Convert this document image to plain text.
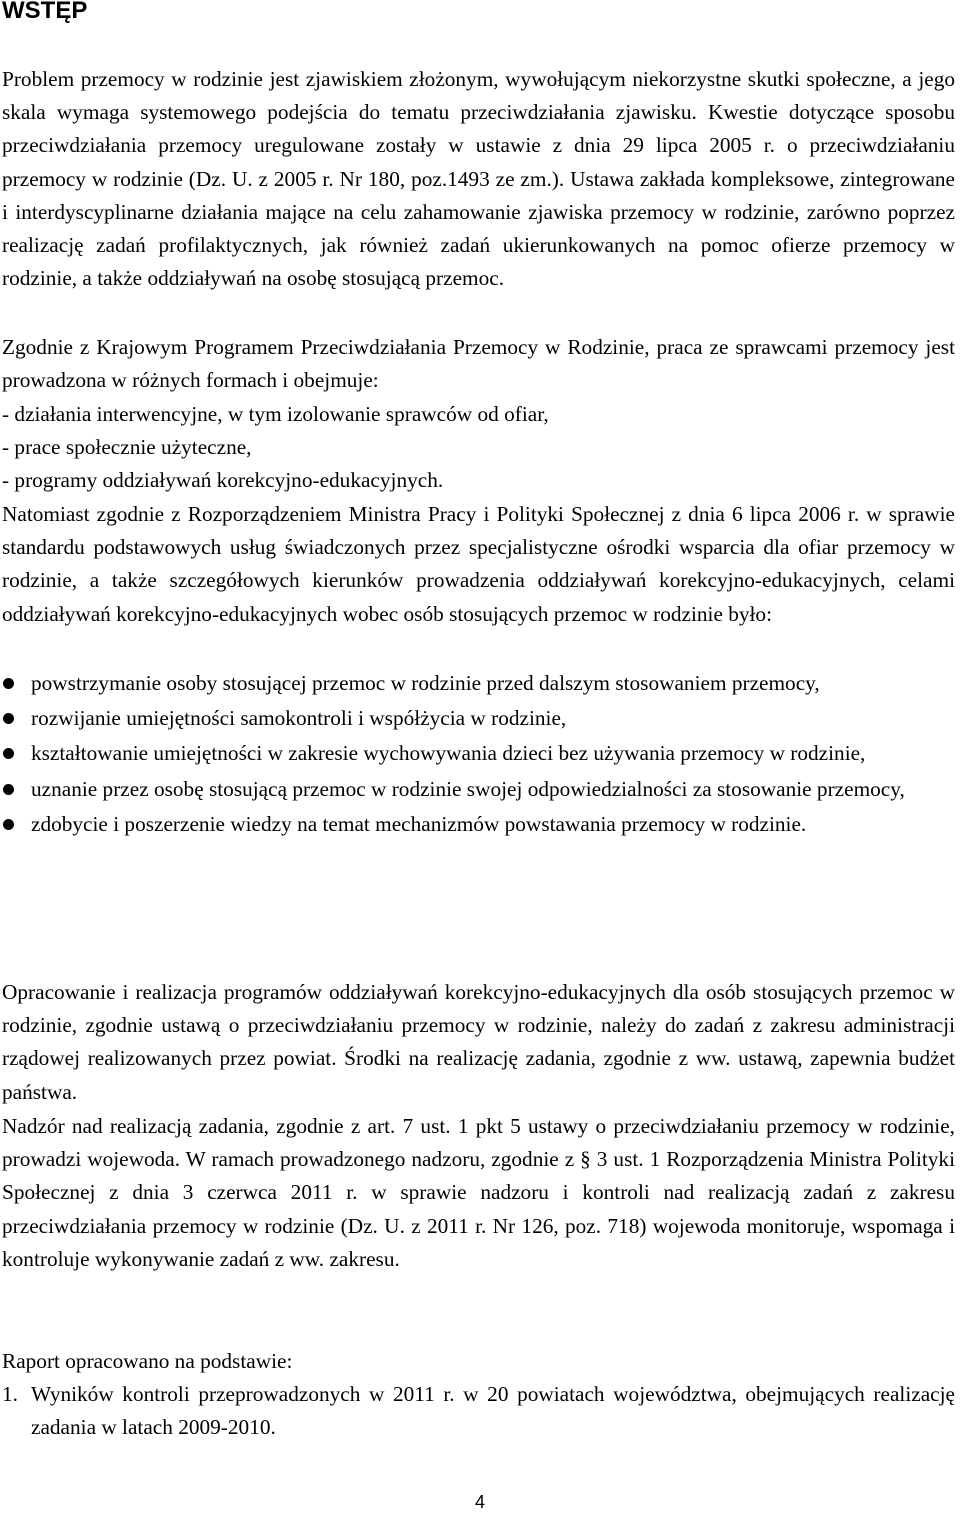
WSTĘP

Problem przemocy w rodzinie jest zjawiskiem złożonym, wywołującym niekorzystne skutki społeczne, a jego skala wymaga systemowego podejścia do tematu przeciwdziałania zjawisku. Kwestie dotyczące sposobu przeciwdziałania przemocy uregulowane zostały w ustawie z dnia 29 lipca 2005 r. o przeciwdziałaniu przemocy w rodzinie (Dz. U. z 2005 r. Nr 180, poz.1493 ze zm.). Ustawa zakłada kompleksowe, zintegrowane i interdyscyplinarne działania mające na celu zahamowanie zjawiska przemocy w rodzinie, zarówno poprzez realizację zadań profilaktycznych, jak również zadań ukierunkowanych na pomoc ofierze przemocy w rodzinie, a także oddziaływań na osobę stosującą przemoc.

Zgodnie z Krajowym Programem Przeciwdziałania Przemocy w Rodzinie, praca ze sprawcami przemocy jest prowadzona w różnych formach i obejmuje:

- działania interwencyjne, w tym izolowanie sprawców od ofiar,
- prace społecznie użyteczne,
- programy oddziaływań korekcyjno-edukacyjnych.

Natomiast zgodnie z Rozporządzeniem Ministra Pracy i Polityki Społecznej z dnia 6 lipca 2006 r. w sprawie standardu podstawowych usług świadczonych przez specjalistyczne ośrodki wsparcia dla ofiar przemocy w rodzinie, a także szczegółowych kierunków prowadzenia oddziaływań korekcyjno-edukacyjnych, celami oddziaływań korekcyjno-edukacyjnych wobec osób stosujących przemoc w rodzinie było:

powstrzymanie osoby stosującej przemoc w rodzinie przed dalszym stosowaniem przemocy,
rozwijanie umiejętności samokontroli i współżycia w rodzinie,
kształtowanie umiejętności w zakresie wychowywania dzieci bez używania przemocy w rodzinie,
uznanie przez osobę stosującą przemoc w rodzinie swojej odpowiedzialności za stosowanie przemocy,
zdobycie i poszerzenie wiedzy na temat mechanizmów powstawania przemocy w rodzinie.

Opracowanie i realizacja programów oddziaływań korekcyjno-edukacyjnych dla osób stosujących przemoc w rodzinie, zgodnie ustawą o przeciwdziałaniu przemocy w rodzinie, należy do zadań z zakresu administracji rządowej realizowanych przez powiat. Środki na realizację zadania, zgodnie z ww. ustawą, zapewnia budżet państwa.

Nadzór nad realizacją zadania, zgodnie z art. 7 ust. 1 pkt 5 ustawy o przeciwdziałaniu przemocy w rodzinie, prowadzi wojewoda. W ramach prowadzonego nadzoru, zgodnie z § 3 ust. 1 Rozporządzenia Ministra Polityki Społecznej z dnia 3 czerwca 2011 r. w sprawie nadzoru i kontroli nad realizacją zadań z zakresu przeciwdziałania przemocy w rodzinie (Dz. U. z 2011 r. Nr 126, poz. 718) wojewoda monitoruje, wspomaga i kontroluje wykonywanie zadań z ww. zakresu.

Raport opracowano na podstawie:

1. Wyników kontroli przeprowadzonych w 2011 r. w 20 powiatach województwa, obejmujących realizację zadania w latach 2009-2010.
4
